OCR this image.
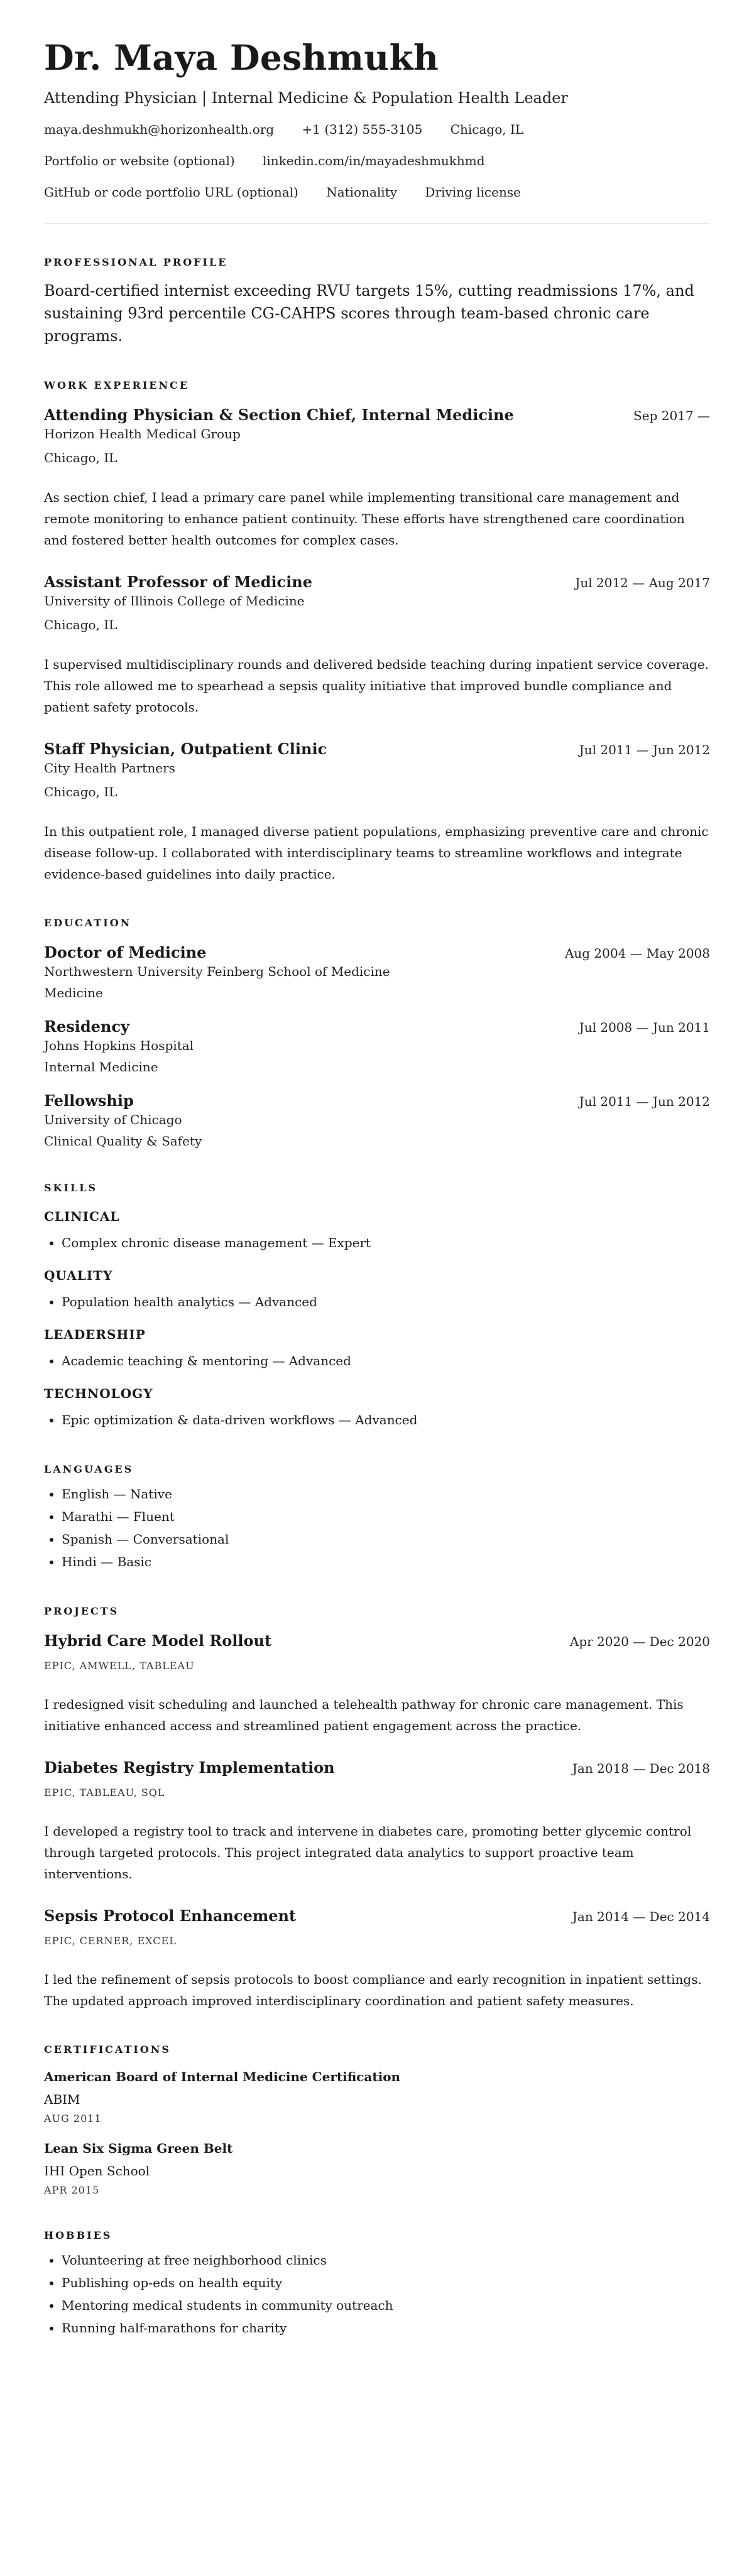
Dr. Maya Deshmukh
Attending Physician | Internal Medicine & Population Health Leader
maya.deshmukh@horizonhealth.org +1 (312) 555-3105 Chicago, IL
Portfolio or website (optional) linkedin.com/in/mayadeshmukhmd
GitHub or code portfolio URL (optional) Nationality Driving license
PROFESSIONAL PROFILE

Board-certified internist exceeding RVU targets 15%, cutting readmissions 17%, and sustaining 93rd percentile CG-CAHPS scores through team-based chronic care programs.

WORK EXPERIENCE
Attending Physician & Section Chief, Internal Medicine	Sep 2017 —
Horizon Health Medical Group
Chicago, IL

As section chief, I lead a primary care panel while implementing transitional care management and remote monitoring to enhance patient continuity. These efforts have strengthened care coordination and fostered better health outcomes for complex cases.

Assistant Professor of Medicine	Jul 2012 — Aug 2017
University of Illinois College of Medicine
Chicago, IL

I supervised multidisciplinary rounds and delivered bedside teaching during inpatient service coverage. This role allowed me to spearhead a sepsis quality initiative that improved bundle compliance and patient safety protocols.

Staff Physician, Outpatient Clinic	Jul 2011 — Jun 2012
City Health Partners
Chicago, IL

In this outpatient role, I managed diverse patient populations, emphasizing preventive care and chronic disease follow-up. I collaborated with interdisciplinary teams to streamline workflows and integrate evidence-based guidelines into daily practice.

EDUCATION
Doctor of Medicine	Aug 2004 — May 2008
Northwestern University Feinberg School of Medicine
Medicine
Residency	Jul 2008 — Jun 2011
Johns Hopkins Hospital
Internal Medicine
Fellowship	Jul 2011 — Jun 2012
University of Chicago
Clinical Quality & Safety
SKILLS
CLINICAL
• Complex chronic disease management — Expert
QUALITY
• Population health analytics — Advanced
LEADERSHIP
• Academic teaching & mentoring — Advanced
TECHNOLOGY
• Epic optimization & data-driven workflows — Advanced
LANGUAGES
• English — Native
• Marathi — Fluent
• Spanish — Conversational
• Hindi — Basic
PROJECTS
Hybrid Care Model Rollout	Apr 2020 — Dec 2020
EPIC, AMWELL, TABLEAU

I redesigned visit scheduling and launched a telehealth pathway for chronic care management. This initiative enhanced access and streamlined patient engagement across the practice.

Diabetes Registry Implementation	Jan 2018 — Dec 2018
EPIC, TABLEAU, SQL

I developed a registry tool to track and intervene in diabetes care, promoting better glycemic control through targeted protocols. This project integrated data analytics to support proactive team interventions.

Sepsis Protocol Enhancement	Jan 2014 — Dec 2014
EPIC, CERNER, EXCEL

I led the refinement of sepsis protocols to boost compliance and early recognition in inpatient settings. The updated approach improved interdisciplinary coordination and patient safety measures.

CERTIFICATIONS
American Board of Internal Medicine Certification
ABIM
AUG 2011
Lean Six Sigma Green Belt
IHI Open School
APR 2015
HOBBIES
• Volunteering at free neighborhood clinics
• Publishing op-eds on health equity
• Mentoring medical students in community outreach
• Running half-marathons for charity
